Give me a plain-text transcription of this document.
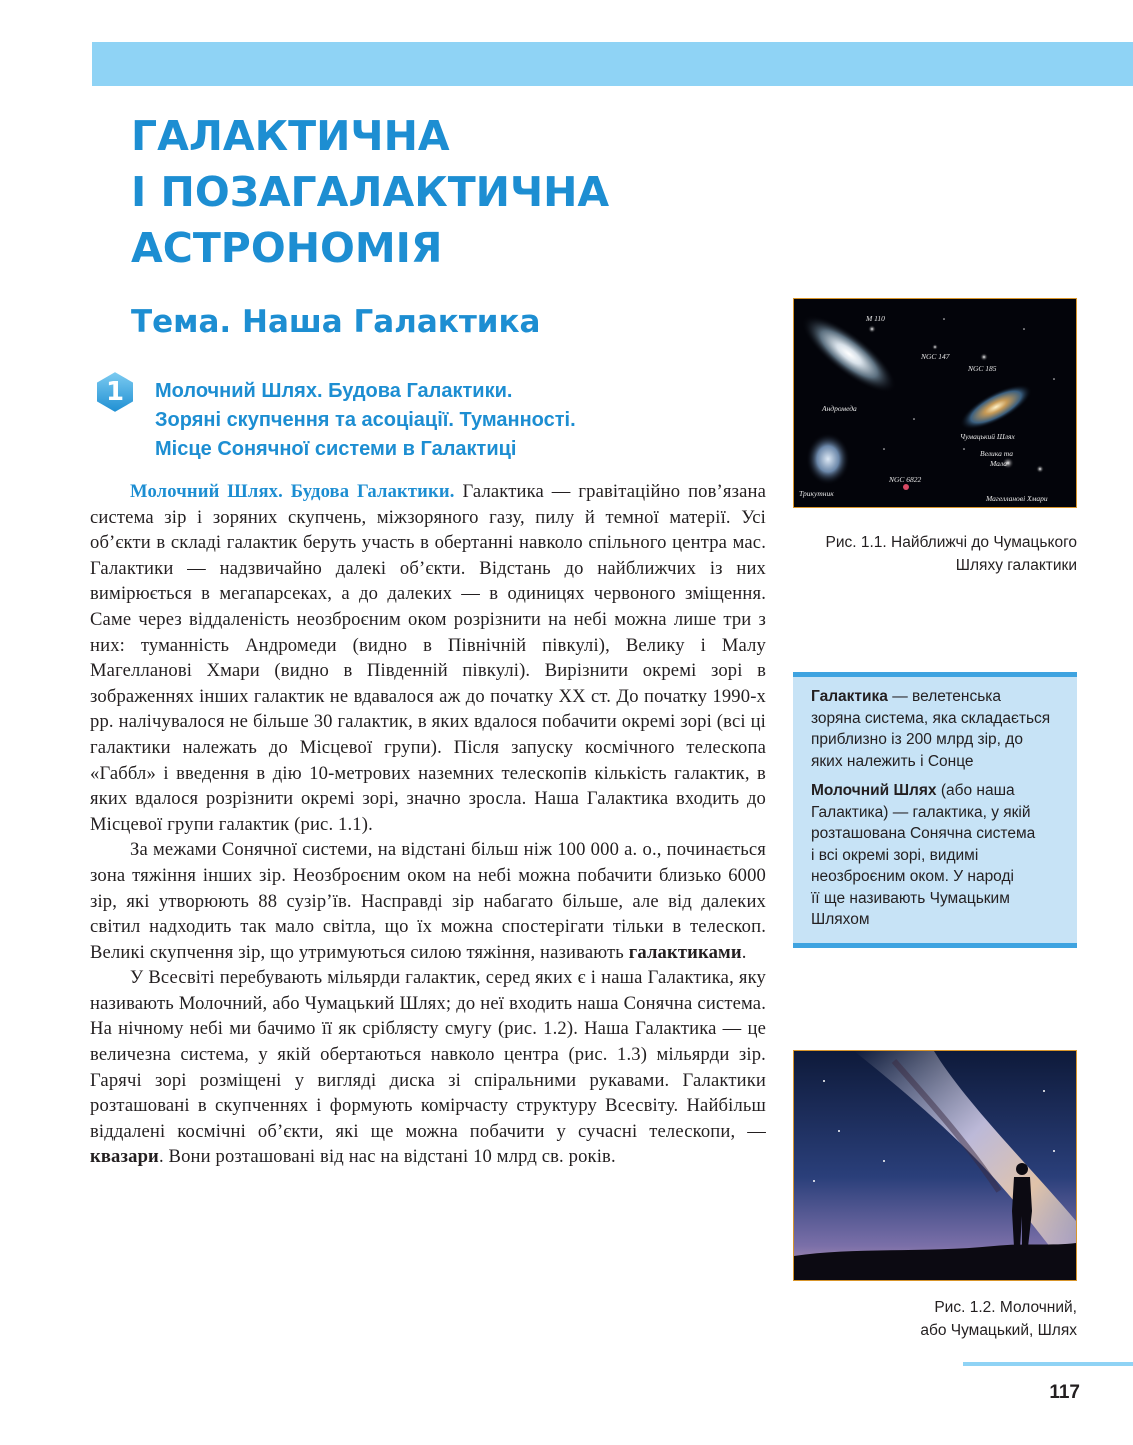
ГАЛАКТИЧНА
І ПОЗАГАЛАКТИЧНА
АСТРОНОМІЯ
Тема. Наша Галактика
1	Молочний Шлях. Будова Галактики.
Зоряні скупчення та асоціації. Туманності.
Місце Сонячної системи в Галактиці

Молочний Шлях. Будова Галактики. Галактика — гравітаційно пов’язана система зір і зоряних скупчень, міжзоряного газу, пилу й темної матерії. Усі об’єкти в складі галактик беруть участь в обертанні навколо спільного центра мас. Галактики — надзвичайно далекі об’єкти. Відстань до найближчих із них вимірюється в мегапарсеках, а до далеких — в одиницях червоного зміщення. Саме через віддаленість неозброєним оком розрізнити на небі можна лише три з них: туманність Андромеди (видно в Північній півкулі), Велику і Малу Магелланові Хмари (видно в Південній півкулі). Вирізнити окремі зорі в зображеннях інших галактик не вдавалося аж до початку ХХ ст. До початку 1990-х рр. налічувалося не більше 30 галактик, в яких вдалося побачити окремі зорі (всі ці галактики належать до Місцевої групи). Після запуску космічного телескопа «Габбл» і введення в дію 10-метрових наземних телескопів кількість галактик, в яких вдалося розрізнити окремі зорі, значно зросла. Наша Галактика входить до Місцевої групи галактик (рис. 1.1).

За межами Сонячної системи, на відстані більш ніж 100 000 а. о., починається зона тяжіння інших зір. Неозброєним оком на небі можна побачити близько 6000 зір, які утворюють 88 сузір’їв. Насправді зір набагато більше, але від далеких світил надходить так мало світла, що їх можна спостерігати тільки в телескоп. Великі скупчення зір, що утримуються силою тяжіння, називають галактиками.

У Всесвіті перебувають мільярди галактик, серед яких є і наша Галактика, яку називають Молочний, або Чумацький Шлях; до неї входить наша Сонячна система. На нічному небі ми бачимо її як сріблясту смугу (рис. 1.2). Наша Галактика — це величезна система, у якій обертаються навколо центра (рис. 1.3) мільярди зір. Гарячі зорі розміщені у вигляді диска зі спіральними рукавами. Галактики розташовані в скупченнях і формують комірчасту структуру Всесвіту. Найбільш віддалені космічні об’єкти, які ще можна побачити у сучасні телескопи, — квазари. Вони розташовані від нас на відстані 10 млрд св. років.

M 110
NGC 147
NGC 185
Андромеда
Чумацький Шлях
Велика та
Мала
Трикутник
NGC 6822
Магелланові Хмари
Рис. 1.1. Найближчі до Чумацького
Шляху галактики

Галактика — велетенська
зоряна система, яка складається
приблизно із 200 млрд зір, до
яких належить і Сонце

Молочний Шлях (або наша
Галактика) — галактика, у якій
розташована Сонячна система
і всі окремі зорі, видимі
неозброєним оком. У народі
її ще називають Чумацьким
Шляхом

Рис. 1.2. Молочний,
або Чумацький, Шлях
117
